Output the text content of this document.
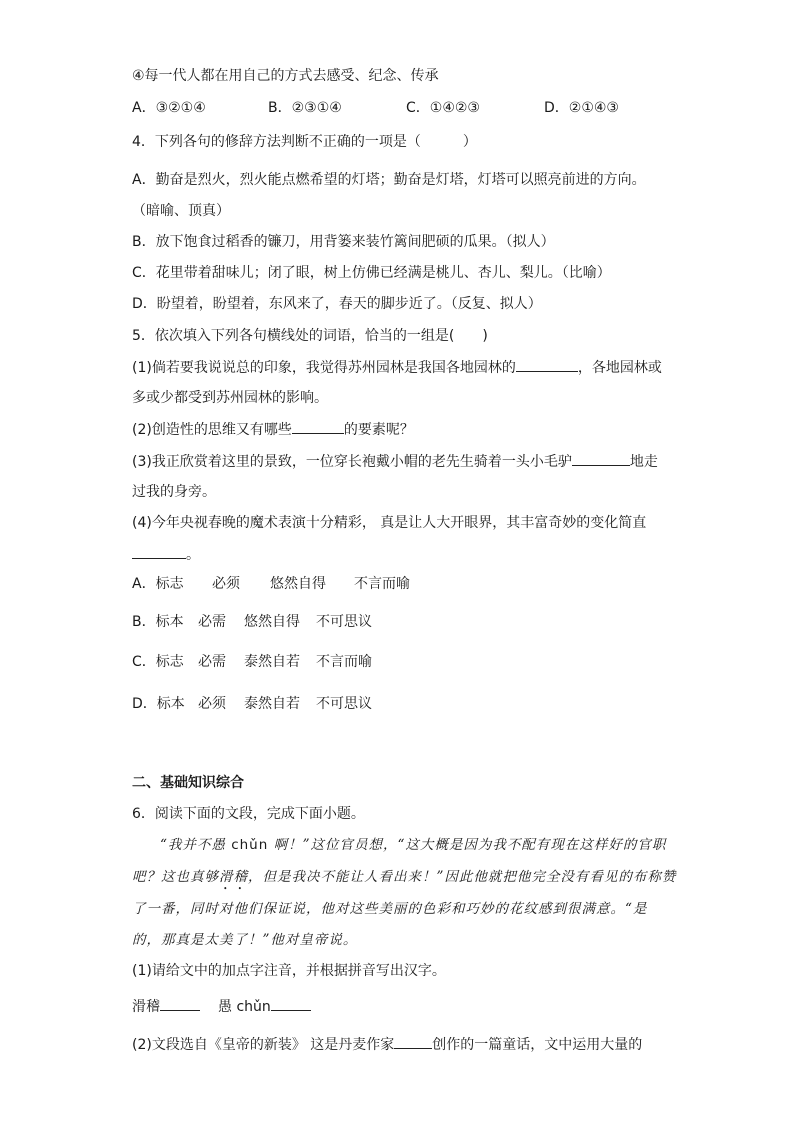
④每一代人都在用自己的方式去感受、纪念、传承
A．③②①④	B．②③①④	C．①④②③	D．②①④③
4．下列各句的修辞方法判断不正确的一项是（　　　）
A．勤奋是烈火，烈火能点燃希望的灯塔；勤奋是灯塔，灯塔可以照亮前进的方向。
（暗喻、顶真）
B．放下饱食过稻香的镰刀，用背篓来装竹篱间肥硕的瓜果。（拟人）
C．花里带着甜味儿；闭了眼，树上仿佛已经满是桃儿、杏儿、梨儿。（比喻）
D．盼望着，盼望着，东风来了，春天的脚步近了。（反复、拟人）
5．依次填入下列各句横线处的词语，恰当的一组是(　　)
(1)倘若要我说说总的印象，我觉得苏州园林是我国各地园林的	，各地园林或
多或少都受到苏州园林的影响。
(2)创造性的思维又有哪些	的要素呢？
(3)我正欣赏着这里的景致，一位穿长袍戴小帽的老先生骑着一头小毛驴	地走
过我的身旁。
(4)今年央视春晚的魔术表演十分精彩， 真是让人大开眼界，其丰富奇妙的变化简直
。
A．标志 必须 悠然自得 不言而喻
B．标本 必需 悠然自得 不可思议
C．标志 必需 泰然自若 不言而喻
D．标本 必须 泰然自若 不可思议
二、基础知识综合
6．阅读下面的文段，完成下面小题。
“我并不愚 chǔn 啊！”这位官员想，“这大概是因为我不配有现在这样好的官职
吧？这也真够滑稽，但是我决不能让人看出来！”因此他就把他完全没有看见的布称赞
了一番，同时对他们保证说，他对这些美丽的色彩和巧妙的花纹感到很满意。“是
的，那真是太美了！”他对皇帝说。
(1)请给文中的加点字注音，并根据拼音写出汉字。
滑稽	愚 chǔn
(2)文段选自《皇帝的新装》 这是丹麦作家	创作的一篇童话，文中运用大量的
